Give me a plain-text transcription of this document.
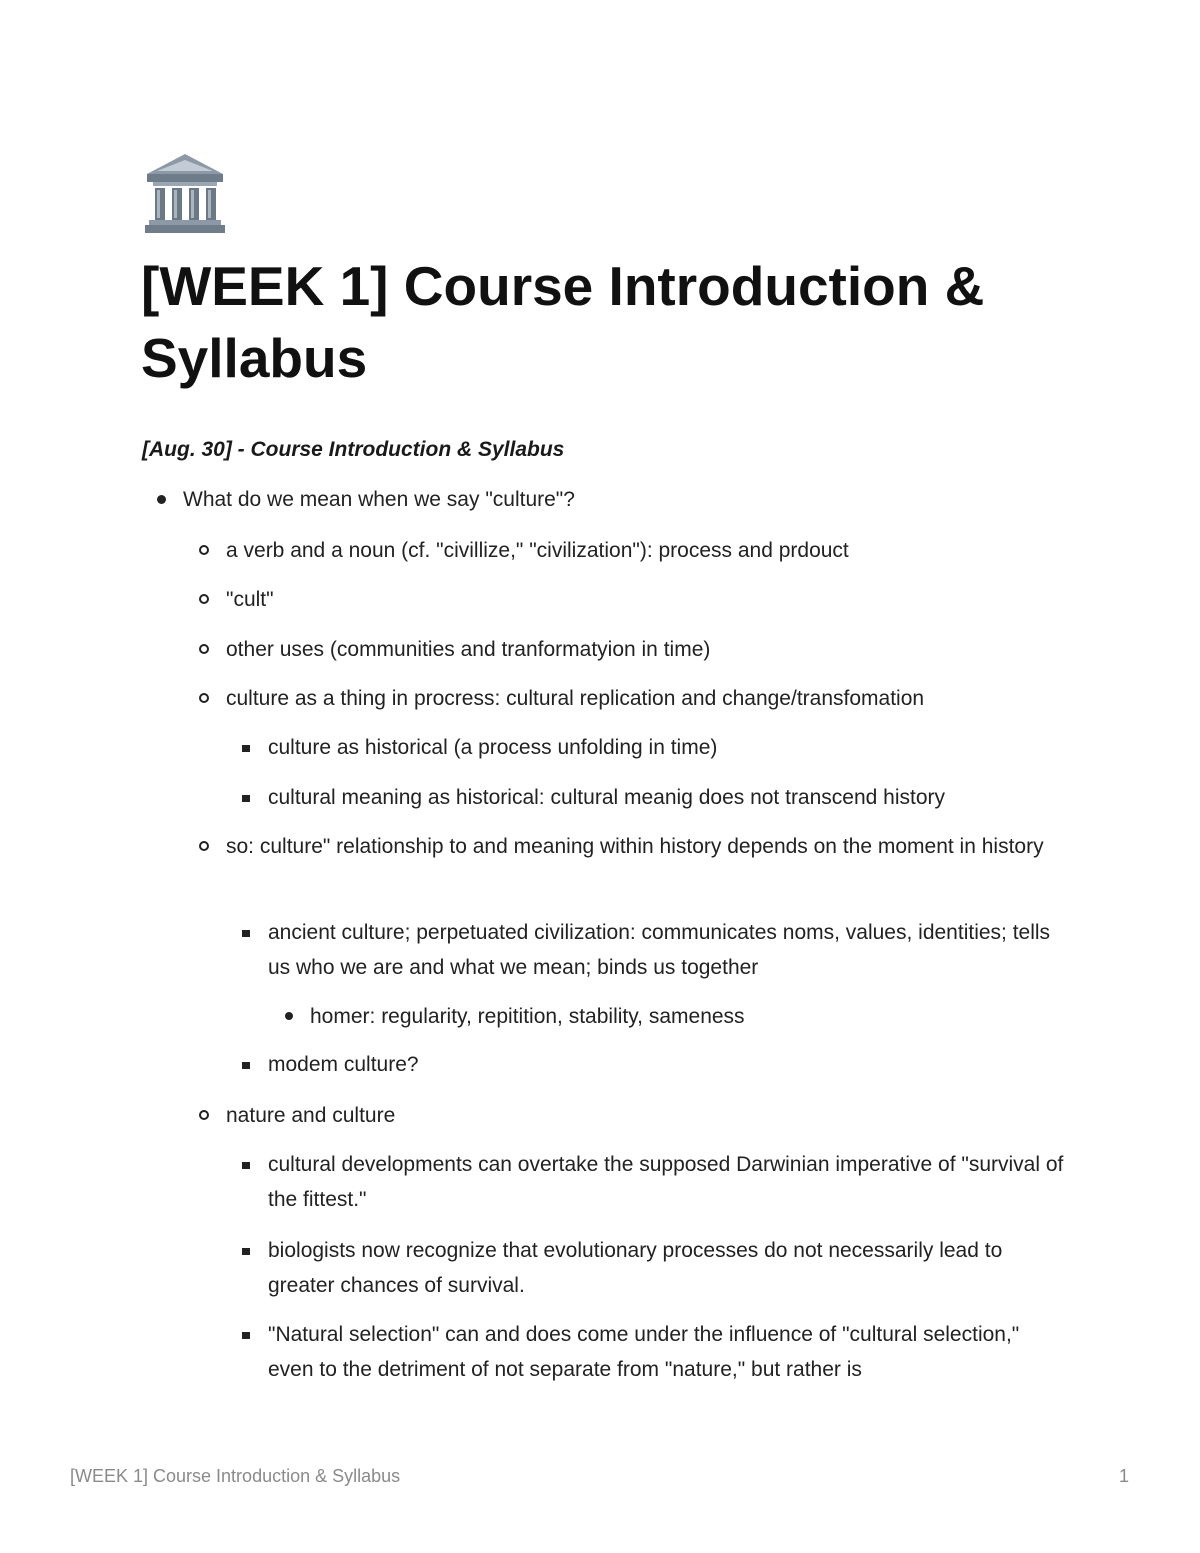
[WEEK 1] Course Introduction & Syllabus
[Aug. 30] - Course Introduction & Syllabus
What do we mean when we say "culture"?
a verb and a noun (cf. "civillize," "civilization"): process and prdouct
"cult"
other uses (communities and tranformatyion in time)
culture as a thing in procress: cultural replication and change/transfomation
culture as historical (a process unfolding in time)
cultural meaning as historical: cultural meanig does not transcend history
so: culture" relationship to and meaning within history depends on the moment in history
ancient culture; perpetuated civilization: communicates noms, values, identities; tells us who we are and what we mean; binds us together
homer: regularity, repitition, stability, sameness
modem culture?
nature and culture
cultural developments can overtake the supposed Darwinian imperative of "survival of the fittest."
biologists now recognize that evolutionary processes do not necessarily lead to greater chances of survival.
"Natural selection" can and does come under the influence of "cultural selection," even to the detriment of not separate from "nature," but rather is
[WEEK 1] Course Introduction & Syllabus	1
